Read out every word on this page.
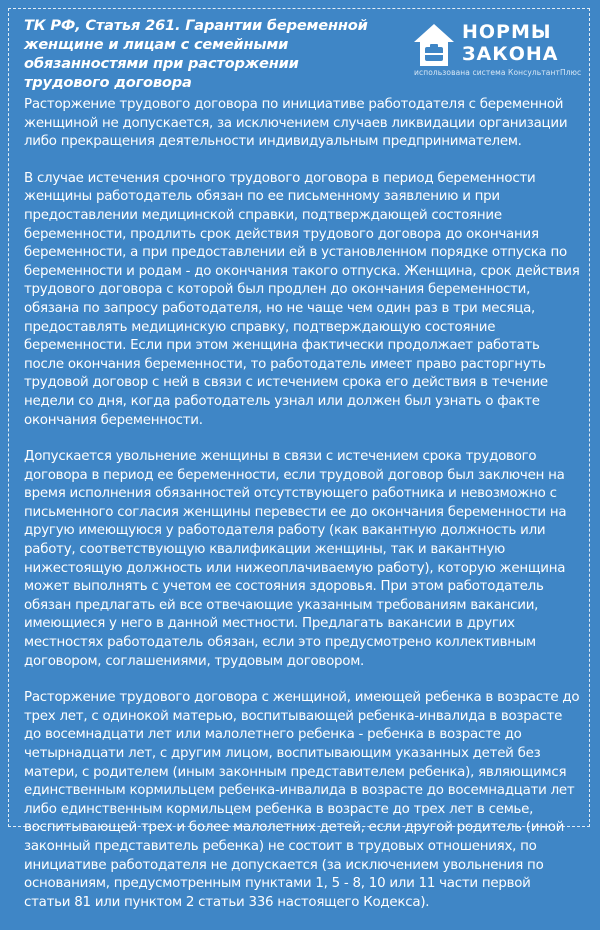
ТК РФ, Статья 261. Гарантии беременной женщине и лицам с семейными обязанностями при расторжении трудового договора
НОРМЫ
ЗАКОНА
использована система КонсультантПлюс

Расторжение трудового договора по инициативе работодателя с беременной женщиной не допускается, за исключением случаев ликвидации организации либо прекращения деятельности индивидуальным предпринимателем.

В случае истечения срочного трудового договора в период беременности женщины работодатель обязан по ее письменному заявлению и при предоставлении медицинской справки, подтверждающей состояние беременности, продлить срок действия трудового договора до окончания беременности, а при предоставлении ей в установленном порядке отпуска по беременности и родам - до окончания такого отпуска. Женщина, срок действия трудового договора с которой был продлен до окончания беременности, обязана по запросу работодателя, но не чаще чем один раз в три месяца, предоставлять медицинскую справку, подтверждающую состояние беременности. Если при этом женщина фактически продолжает работать после окончания беременности, то работодатель имеет право расторгнуть трудовой договор с ней в связи с истечением срока его действия в течение недели со дня, когда работодатель узнал или должен был узнать о факте окончания беременности.

Допускается увольнение женщины в связи с истечением срока трудового договора в период ее беременности, если трудовой договор был заключен на время исполнения обязанностей отсутствующего работника и невозможно с письменного согласия женщины перевести ее до окончания беременности на другую имеющуюся у работодателя работу (как вакантную должность или работу, соответствующую квалификации женщины, так и вакантную нижестоящую должность или нижеоплачиваемую работу), которую женщина может выполнять с учетом ее состояния здоровья. При этом работодатель обязан предлагать ей все отвечающие указанным требованиям вакансии, имеющиеся у него в данной местности. Предлагать вакансии в других местностях работодатель обязан, если это предусмотрено коллективным договором, соглашениями, трудовым договором.

Расторжение трудового договора с женщиной, имеющей ребенка в возрасте до трех лет, с одинокой матерью, воспитывающей ребенка-инвалида в возрасте до восемнадцати лет или малолетнего ребенка - ребенка в возрасте до четырнадцати лет, с другим лицом, воспитывающим указанных детей без матери, с родителем (иным законным представителем ребенка), являющимся единственным кормильцем ребенка-инвалида в возрасте до восемнадцати лет либо единственным кормильцем ребенка в возрасте до трех лет в семье, воспитывающей трех и более малолетних детей, если другой родитель (иной законный представитель ребенка) не состоит в трудовых отношениях, по инициативе работодателя не допускается (за исключением увольнения по основаниям, предусмотренным пунктами 1, 5 - 8, 10 или 11 части первой статьи 81 или пунктом 2 статьи 336 настоящего Кодекса).
